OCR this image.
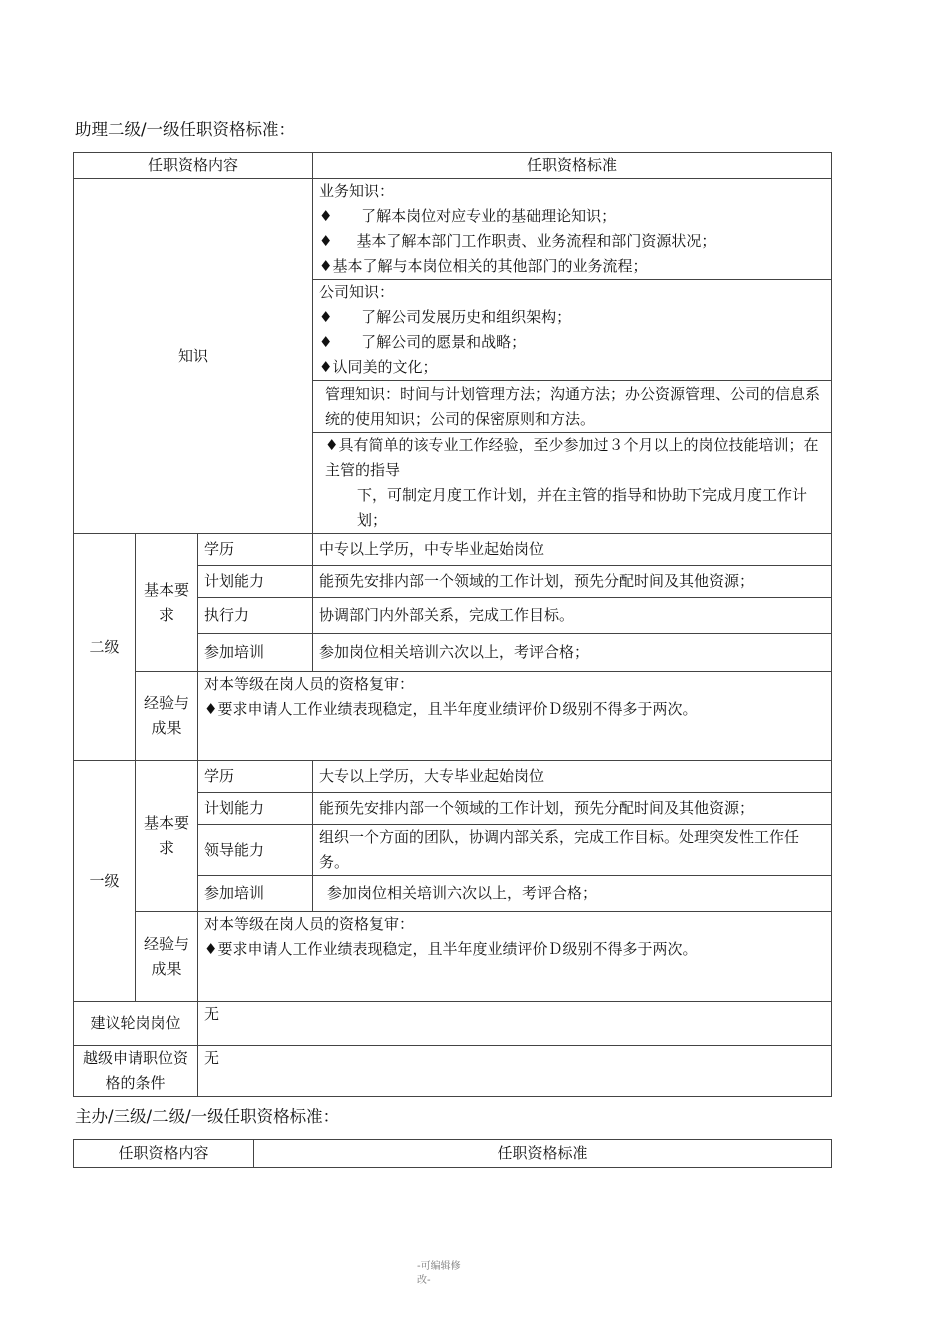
助理二级/一级任职资格标准：
任职资格内容			任职资格标准
知识			业务知识：
♦      了解本岗位对应专业的基础理论知识；
♦     基本了解本部门工作职责、业务流程和部门资源状况；
♦基本了解与本岗位相关的其他部门的业务流程；

			公司知识：
♦      了解公司发展历史和组织架构；
♦      了解公司的愿景和战略；
♦认同美的文化；

			管理知识：时间与计划管理方法；沟通方法；办公资源管理、公司的信息系统的使用知识；公司的保密原则和方法。

			♦具有简单的该专业工作经验，至少参加过３个月以上的岗位技能培训；在主管的指导
下，可制定月度工作计划，并在主管的指导和协助下完成月度工作计划；

二级	基本要求	学历	中专以上学历，中专毕业起始岗位
		计划能力	能预先安排内部一个领域的工作计划，预先分配时间及其他资源；
		执行力	协调部门内外部关系，完成工作目标。
		参加培训	参加岗位相关培训六次以上，考评合格；
	经验与成果	对本等级在岗人员的资格复审：
♦要求申请人工作业绩表现稳定，且半年度业绩评价Ｄ级别不得多于两次。	

一级	基本要求	学历	大专以上学历，大专毕业起始岗位
		计划能力	能预先安排内部一个领域的工作计划，预先分配时间及其他资源；
		领导能力	组织一个方面的团队，协调内部关系，完成工作目标。处理突发性工作任务。
		参加培训	参加岗位相关培训六次以上，考评合格；
	经验与成果	对本等级在岗人员的资格复审：
♦要求申请人工作业绩表现稳定，且半年度业绩评价Ｄ级别不得多于两次。	

建议轮岗岗位		无	
越级申请职位资格的条件		无	
主办/三级/二级/一级任职资格标准：
任职资格内容	任职资格标准
-可编辑修
改-
